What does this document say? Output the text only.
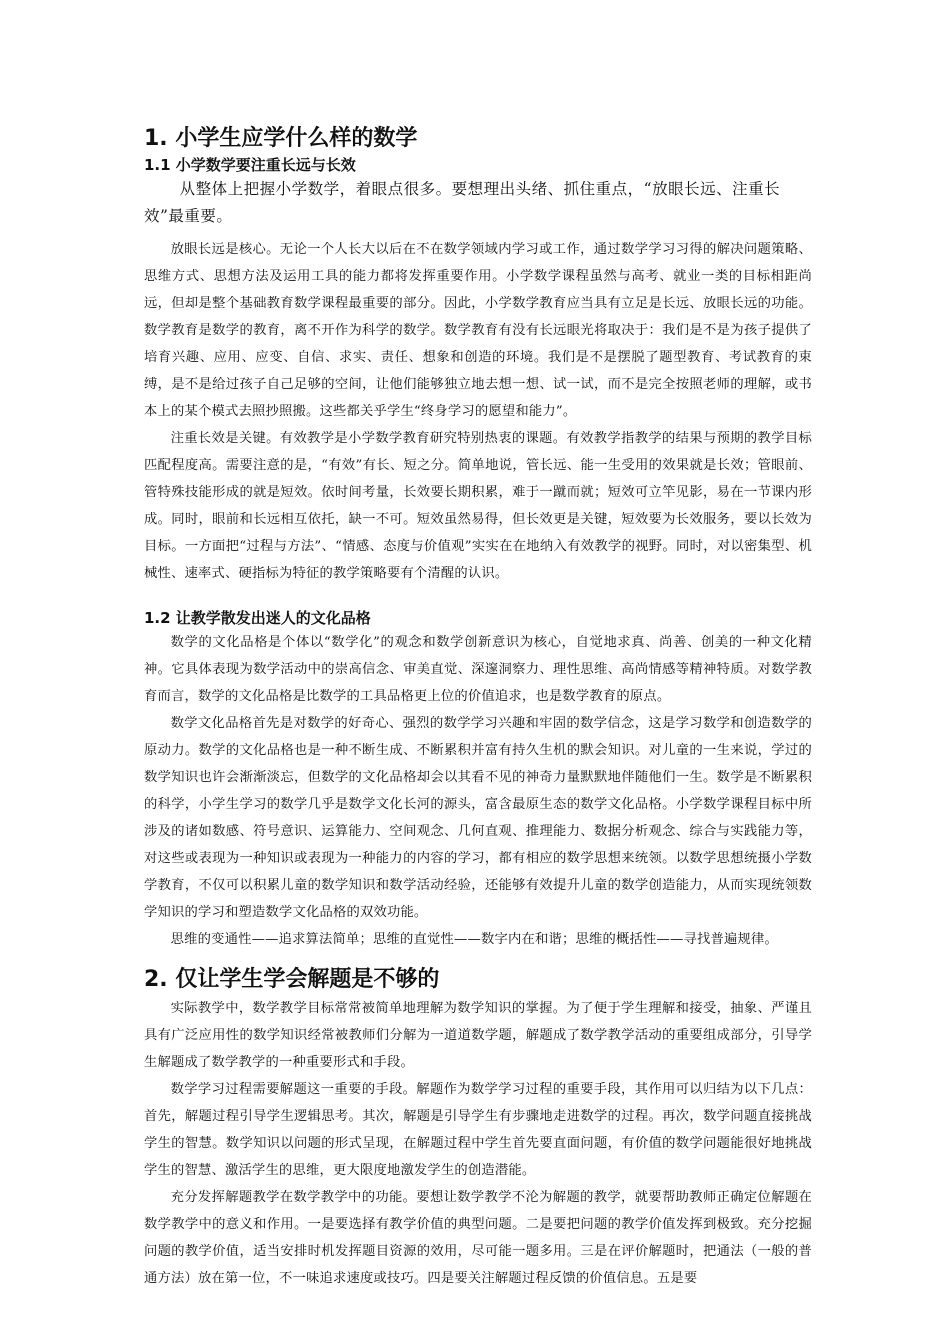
1. 小学生应学什么样的数学
1.1 小学数学要注重长远与长效

从整体上把握小学数学，着眼点很多。要想理出头绪、抓住重点，“放眼长远、注重长效”最重要。

放眼长远是核心。无论一个人长大以后在不在数学领域内学习或工作，通过数学学习习得的解决问题策略、思维方式、思想方法及运用工具的能力都将发挥重要作用。小学数学课程虽然与高考、就业一类的目标相距尚远，但却是整个基础教育数学课程最重要的部分。因此，小学数学教育应当具有立足是长远、放眼长远的功能。数学教育是数学的教育，离不开作为科学的数学。数学教育有没有长远眼光将取决于：我们是不是为孩子提供了培育兴趣、应用、应变、自信、求实、责任、想象和创造的环境。我们是不是摆脱了题型教育、考试教育的束缚，是不是给过孩子自己足够的空间，让他们能够独立地去想一想、试一试，而不是完全按照老师的理解，或书本上的某个模式去照抄照搬。这些都关乎学生“终身学习的愿望和能力”。

注重长效是关键。有效教学是小学数学教育研究特别热衷的课题。有效教学指教学的结果与预期的教学目标匹配程度高。需要注意的是，“有效”有长、短之分。简单地说，管长远、能一生受用的效果就是长效；管眼前、管特殊技能形成的就是短效。依时间考量，长效要长期积累，难于一蹴而就；短效可立竿见影，易在一节课内形成。同时，眼前和长远相互依托，缺一不可。短效虽然易得，但长效更是关键，短效要为长效服务，要以长效为目标。一方面把“过程与方法”、“情感、态度与价值观”实实在在地纳入有效教学的视野。同时，对以密集型、机械性、速率式、硬指标为特征的教学策略要有个清醒的认识。

1.2 让教学散发出迷人的文化品格

数学的文化品格是个体以“数学化”的观念和数学创新意识为核心，自觉地求真、尚善、创美的一种文化精神。它具体表现为数学活动中的崇高信念、审美直觉、深邃洞察力、理性思维、高尚情感等精神特质。对数学教育而言，数学的文化品格是比数学的工具品格更上位的价值追求，也是数学教育的原点。

数学文化品格首先是对数学的好奇心、强烈的数学学习兴趣和牢固的数学信念，这是学习数学和创造数学的原动力。数学的文化品格也是一种不断生成、不断累积并富有持久生机的默会知识。对儿童的一生来说，学过的数学知识也许会渐渐淡忘，但数学的文化品格却会以其看不见的神奇力量默默地伴随他们一生。数学是不断累积的科学，小学生学习的数学几乎是数学文化长河的源头，富含最原生态的数学文化品格。小学数学课程目标中所涉及的诸如数感、符号意识、运算能力、空间观念、几何直观、推理能力、数据分析观念、综合与实践能力等，对这些或表现为一种知识或表现为一种能力的内容的学习，都有相应的数学思想来统领。以数学思想统摄小学数学教育，不仅可以积累儿童的数学知识和数学活动经验，还能够有效提升儿童的数学创造能力，从而实现统领数学知识的学习和塑造数学文化品格的双效功能。

思维的变通性——追求算法简单；思维的直觉性——数字内在和谐；思维的概括性——寻找普遍规律。

2. 仅让学生学会解题是不够的

实际教学中，数学教学目标常常被简单地理解为数学知识的掌握。为了便于学生理解和接受，抽象、严谨且具有广泛应用性的数学知识经常被教师们分解为一道道数学题，解题成了数学教学活动的重要组成部分，引导学生解题成了数学教学的一种重要形式和手段。

数学学习过程需要解题这一重要的手段。解题作为数学学习过程的重要手段，其作用可以归结为以下几点：首先，解题过程引导学生逻辑思考。其次，解题是引导学生有步骤地走进数学的过程。再次，数学问题直接挑战学生的智慧。数学知识以问题的形式呈现，在解题过程中学生首先要直面问题，有价值的数学问题能很好地挑战学生的智慧、激活学生的思维，更大限度地激发学生的创造潜能。

充分发挥解题教学在数学教学中的功能。要想让数学教学不沦为解题的教学，就要帮助教师正确定位解题在数学教学中的意义和作用。一是要选择有教学价值的典型问题。二是要把问题的教学价值发挥到极致。充分挖掘问题的教学价值，适当安排时机发挥题目资源的效用，尽可能一题多用。三是在评价解题时，把通法（一般的普通方法）放在第一位，不一味追求速度或技巧。四是要关注解题过程反馈的价值信息。五是要
